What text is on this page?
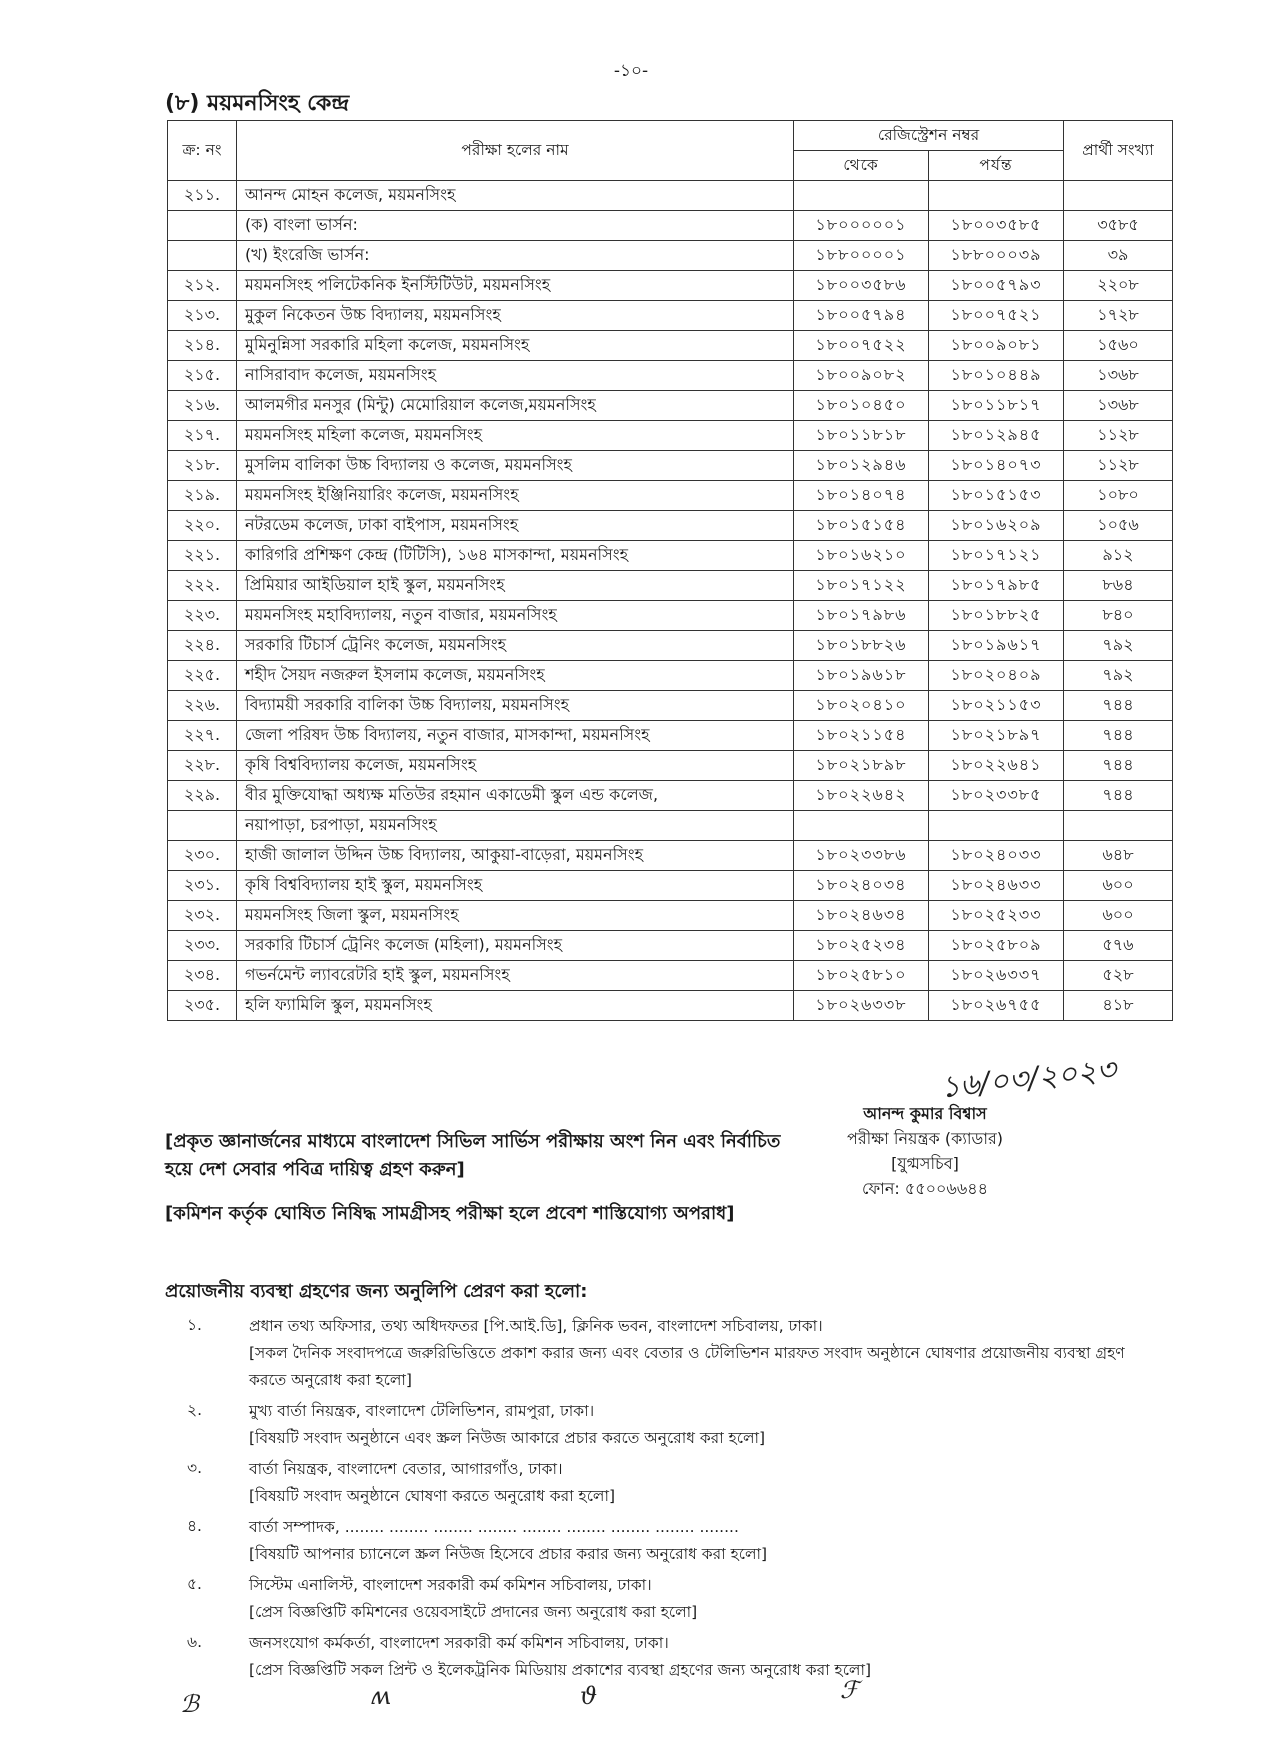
-১০-
(৮) ময়মনসিংহ কেন্দ্র
ক্র: নং	পরীক্ষা হলের নাম	রেজিস্ট্রেশন নম্বর		প্রার্থী সংখ্যা
		থেকে	পর্যন্ত	
২১১.	আনন্দ মোহন কলেজ, ময়মনসিংহ			
	(ক) বাংলা ভার্সন:	১৮০০০০০১	১৮০০৩৫৮৫	৩৫৮৫
	(খ) ইংরেজি ভার্সন:	১৮৮০০০০১	১৮৮০০০৩৯	৩৯
২১২.	ময়মনসিংহ পলিটেকনিক ইনস্টিটিউট, ময়মনসিংহ	১৮০০৩৫৮৬	১৮০০৫৭৯৩	২২০৮
২১৩.	মুকুল নিকেতন উচ্চ বিদ্যালয়, ময়মনসিংহ	১৮০০৫৭৯৪	১৮০০৭৫২১	১৭২৮
২১৪.	মুমিনুন্নিসা সরকারি মহিলা কলেজ, ময়মনসিংহ	১৮০০৭৫২২	১৮০০৯০৮১	১৫৬০
২১৫.	নাসিরাবাদ কলেজ, ময়মনসিংহ	১৮০০৯০৮২	১৮০১০৪৪৯	১৩৬৮
২১৬.	আলমগীর মনসুর (মিন্টু) মেমোরিয়াল কলেজ,ময়মনসিংহ	১৮০১০৪৫০	১৮০১১৮১৭	১৩৬৮
২১৭.	ময়মনসিংহ মহিলা কলেজ, ময়মনসিংহ	১৮০১১৮১৮	১৮০১২৯৪৫	১১২৮
২১৮.	মুসলিম বালিকা উচ্চ বিদ্যালয় ও কলেজ, ময়মনসিংহ	১৮০১২৯৪৬	১৮০১৪০৭৩	১১২৮
২১৯.	ময়মনসিংহ ইঞ্জিনিয়ারিং কলেজ, ময়মনসিংহ	১৮০১৪০৭৪	১৮০১৫১৫৩	১০৮০
২২০.	নটরডেম কলেজ, ঢাকা বাইপাস, ময়মনসিংহ	১৮০১৫১৫৪	১৮০১৬২০৯	১০৫৬
২২১.	কারিগরি প্রশিক্ষণ কেন্দ্র (টিটিসি), ১৬৪ মাসকান্দা, ময়মনসিংহ	১৮০১৬২১০	১৮০১৭১২১	৯১২
২২২.	প্রিমিয়ার আইডিয়াল হাই স্কুল, ময়মনসিংহ	১৮০১৭১২২	১৮০১৭৯৮৫	৮৬৪
২২৩.	ময়মনসিংহ মহাবিদ্যালয়, নতুন বাজার, ময়মনসিংহ	১৮০১৭৯৮৬	১৮০১৮৮২৫	৮৪০
২২৪.	সরকারি টিচার্স ট্রেনিং কলেজ, ময়মনসিংহ	১৮০১৮৮২৬	১৮০১৯৬১৭	৭৯২
২২৫.	শহীদ সৈয়দ নজরুল ইসলাম কলেজ, ময়মনসিংহ	১৮০১৯৬১৮	১৮০২০৪০৯	৭৯২
২২৬.	বিদ্যাময়ী সরকারি বালিকা উচ্চ বিদ্যালয়, ময়মনসিংহ	১৮০২০৪১০	১৮০২১১৫৩	৭৪৪
২২৭.	জেলা পরিষদ উচ্চ বিদ্যালয়, নতুন বাজার, মাসকান্দা, ময়মনসিংহ	১৮০২১১৫৪	১৮০২১৮৯৭	৭৪৪
২২৮.	কৃষি বিশ্ববিদ্যালয় কলেজ, ময়মনসিংহ	১৮০২১৮৯৮	১৮০২২৬৪১	৭৪৪
২২৯.	বীর মুক্তিযোদ্ধা অধ্যক্ষ মতিউর রহমান একাডেমী স্কুল এন্ড কলেজ,	১৮০২২৬৪২	১৮০২৩৩৮৫	৭৪৪
	নয়াপাড়া, চরপাড়া, ময়মনসিংহ			
২৩০.	হাজী জালাল উদ্দিন উচ্চ বিদ্যালয়, আকুয়া-বাড়েরা, ময়মনসিংহ	১৮০২৩৩৮৬	১৮০২৪০৩৩	৬৪৮
২৩১.	কৃষি বিশ্ববিদ্যালয় হাই স্কুল, ময়মনসিংহ	১৮০২৪০৩৪	১৮০২৪৬৩৩	৬০০
২৩২.	ময়মনসিংহ জিলা স্কুল, ময়মনসিংহ	১৮০২৪৬৩৪	১৮০২৫২৩৩	৬০০
২৩৩.	সরকারি টিচার্স ট্রেনিং কলেজ (মহিলা), ময়মনসিংহ	১৮০২৫২৩৪	১৮০২৫৮০৯	৫৭৬
২৩৪.	গভর্নমেন্ট ল্যাবরেটরি হাই স্কুল, ময়মনসিংহ	১৮০২৫৮১০	১৮০২৬৩৩৭	৫২৮
২৩৫.	হলি ফ্যামিলি স্কুল, ময়মনসিংহ	১৮০২৬৩৩৮	১৮০২৬৭৫৫	৪১৮
১৬/০৩/২০২৩
আনন্দ কুমার বিশ্বাস
পরীক্ষা নিয়ন্ত্রক (ক্যাডার)
[যুগ্মসচিব]
ফোন: ৫৫০০৬৬৪৪
[প্রকৃত জ্ঞানার্জনের মাধ্যমে বাংলাদেশ সিভিল সার্ভিস পরীক্ষায় অংশ নিন এবং নির্বাচিত হয়ে দেশ সেবার পবিত্র দায়িত্ব গ্রহণ করুন]
[কমিশন কর্তৃক ঘোষিত নিষিদ্ধ সামগ্রীসহ পরীক্ষা হলে প্রবেশ শাস্তিযোগ্য অপরাধ]
প্রয়োজনীয় ব্যবস্থা গ্রহণের জন্য অনুলিপি প্রেরণ করা হলো:
১.	প্রধান তথ্য অফিসার, তথ্য অধিদফতর [পি.আই.ডি], ক্লিনিক ভবন, বাংলাদেশ সচিবালয়, ঢাকা।
[সকল দৈনিক সংবাদপত্রে জরুরিভিত্তিতে প্রকাশ করার জন্য এবং বেতার ও টেলিভিশন মারফত সংবাদ অনুষ্ঠানে ঘোষণার প্রয়োজনীয় ব্যবস্থা গ্রহণ করতে অনুরোধ করা হলো]
২.	মুখ্য বার্তা নিয়ন্ত্রক, বাংলাদেশ টেলিভিশন, রামপুরা, ঢাকা।
[বিষয়টি সংবাদ অনুষ্ঠানে এবং স্ক্রল নিউজ আকারে প্রচার করতে অনুরোধ করা হলো]
৩.	বার্তা নিয়ন্ত্রক, বাংলাদেশ বেতার, আগারগাঁও, ঢাকা।
[বিষয়টি সংবাদ অনুষ্ঠানে ঘোষণা করতে অনুরোধ করা হলো]
৪.	বার্তা সম্পাদক, ........ ........ ........ ........ ........ ........ ........ ........ ........
[বিষয়টি আপনার চ্যানেলে স্ক্রল নিউজ হিসেবে প্রচার করার জন্য অনুরোধ করা হলো]
৫.	সিস্টেম এনালিস্ট, বাংলাদেশ সরকারী কর্ম কমিশন সচিবালয়, ঢাকা।
[প্রেস বিজ্ঞপ্তিটি কমিশনের ওয়েবসাইটে প্রদানের জন্য অনুরোধ করা হলো]
৬.	জনসংযোগ কর্মকর্তা, বাংলাদেশ সরকারী কর্ম কমিশন সচিবালয়, ঢাকা।
[প্রেস বিজ্ঞপ্তিটি সকল প্রিন্ট ও ইলেকট্রনিক মিডিয়ায় প্রকাশের ব্যবস্থা গ্রহণের জন্য অনুরোধ করা হলো]
ℬ	ʍ	ϑ	ℱ
